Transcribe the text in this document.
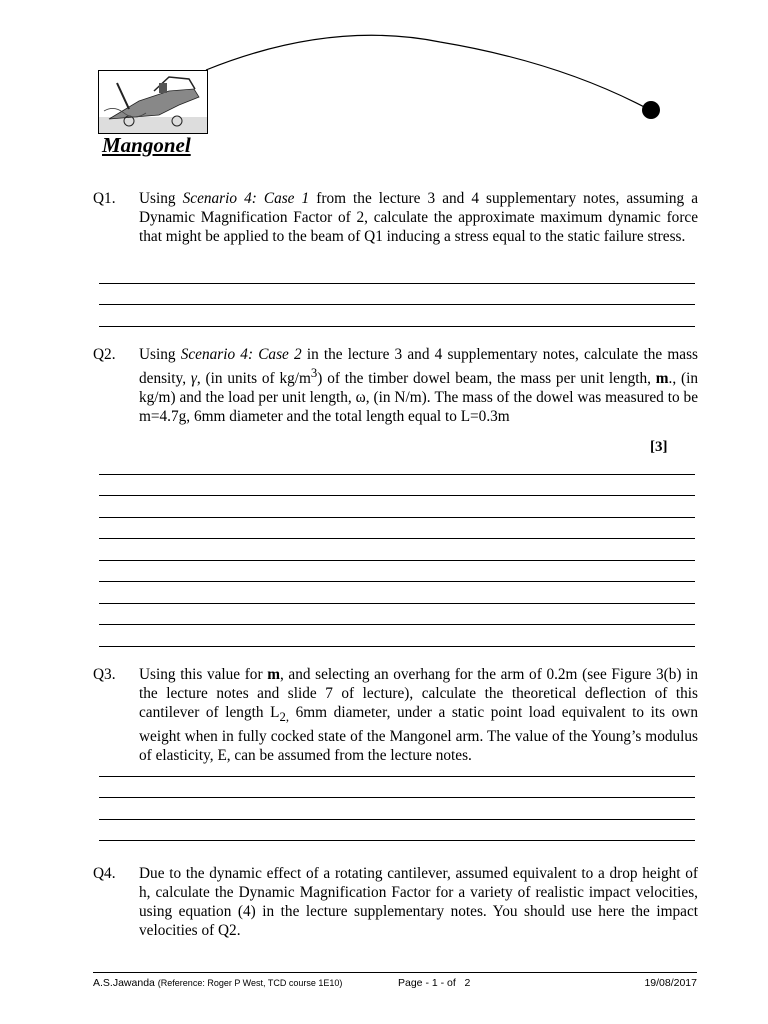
Mangonel
Q1. Using Scenario 4: Case 1 from the lecture 3 and 4 supplementary notes, assuming a Dynamic Magnification Factor of 2, calculate the approximate maximum dynamic force that might be applied to the beam of Q1 inducing a stress equal to the static failure stress.
Q2. Using Scenario 4: Case 2 in the lecture 3 and 4 supplementary notes, calculate the mass density, γ, (in units of $kg/m^3$) of the timber dowel beam, the mass per unit length, m., (in kg/m) and the load per unit length, ω, (in N/m). The mass of the dowel was measured to be m=4.7g, 6mm diameter and the total length equal to L=0.3m
[3]
Q3. Using this value for m, and selecting an overhang for the arm of 0.2m (see Figure 3(b) in the lecture notes and slide 7 of lecture), calculate the theoretical deflection of this cantilever of length $L_{2,}$ 6mm diameter, under a static point load equivalent to its own weight when in fully cocked state of the Mangonel arm. The value of the Young’s modulus of elasticity, E, can be assumed from the lecture notes.
Q4. Due to the dynamic effect of a rotating cantilever, assumed equivalent to a drop height of h, calculate the Dynamic Magnification Factor for a variety of realistic impact velocities, using equation (4) in the lecture supplementary notes. You should use here the impact velocities of Q2.
A.S.Jawanda (Reference: Roger P West, TCD course 1E10)	Page - 1 - of   2	19/08/2017
